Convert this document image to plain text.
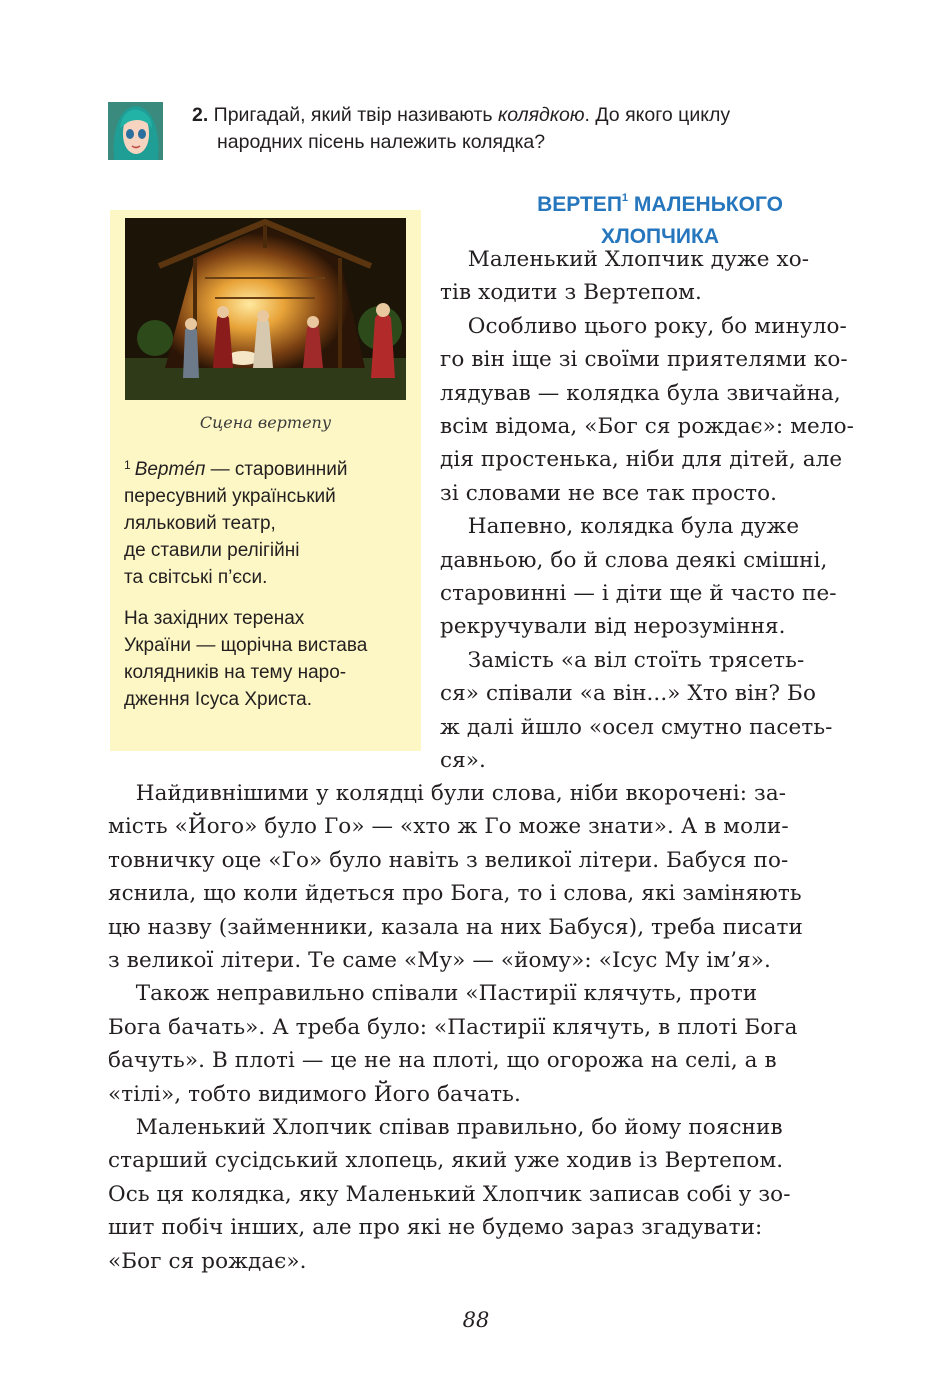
2. Пригадай, який твір називають колядкою. До якого циклу
народних пісень належить колядка?
Сцена вертепу
$^1$ Верте́п — старовинний
пересувний український
ляльковий театр,
де ставили релігійні
та світські п’єси.
На західних теренах
України — щорічна вистава
колядників на тему наро-
дження Ісуса Христа.
ВЕРТЕП$^1$ МАЛЕНЬКОГО
ХЛОПЧИКА
Маленький Хлопчик дуже хо-
тів ходити з Вертепом.
Особливо цього року, бо минуло-
го він іще зі своїми приятелями ко-
лядував — колядка була звичайна,
всім відома, «Бог ся рождає»: мело-
дія простенька, ніби для дітей, але
зі словами не все так просто.
Напевно, колядка була дуже
давньою, бо й слова деякі смішні,
старовинні — і діти ще й часто пе-
рекручували від нерозуміння.
Замість «а віл стоїть трясеть-
ся» співали «а він...» Хто він? Бо
ж далі йшло «осел смутно пасеть-
ся».
Найдивнішими у колядці були слова, ніби вкорочені: за-
мість «Його» було Го» — «хто ж Го може знати». А в моли-
товничку оце «Го» було навіть з великої літери. Бабуся по-
яснила, що коли йдеться про Бога, то і слова, які заміняють
цю назву (займенники, казала на них Бабуся), треба писати
з великої літери. Те саме «Му» — «йому»: «Ісус Му ім’я».
Також неправильно співали «Пастирії клячуть, проти
Бога бачать». А треба було: «Пастирії клячуть, в плоті Бога
бачуть». В плоті — це не на плоті, що огорожа на селі, а в
«тілі», тобто видимого Його бачать.
Маленький Хлопчик співав правильно, бо йому пояснив
старший сусідський хлопець, який уже ходив із Вертепом.
Ось ця колядка, яку Маленький Хлопчик записав собі у зо-
шит побіч інших, але про які не будемо зараз згадувати:
«Бог ся рождає».
88
